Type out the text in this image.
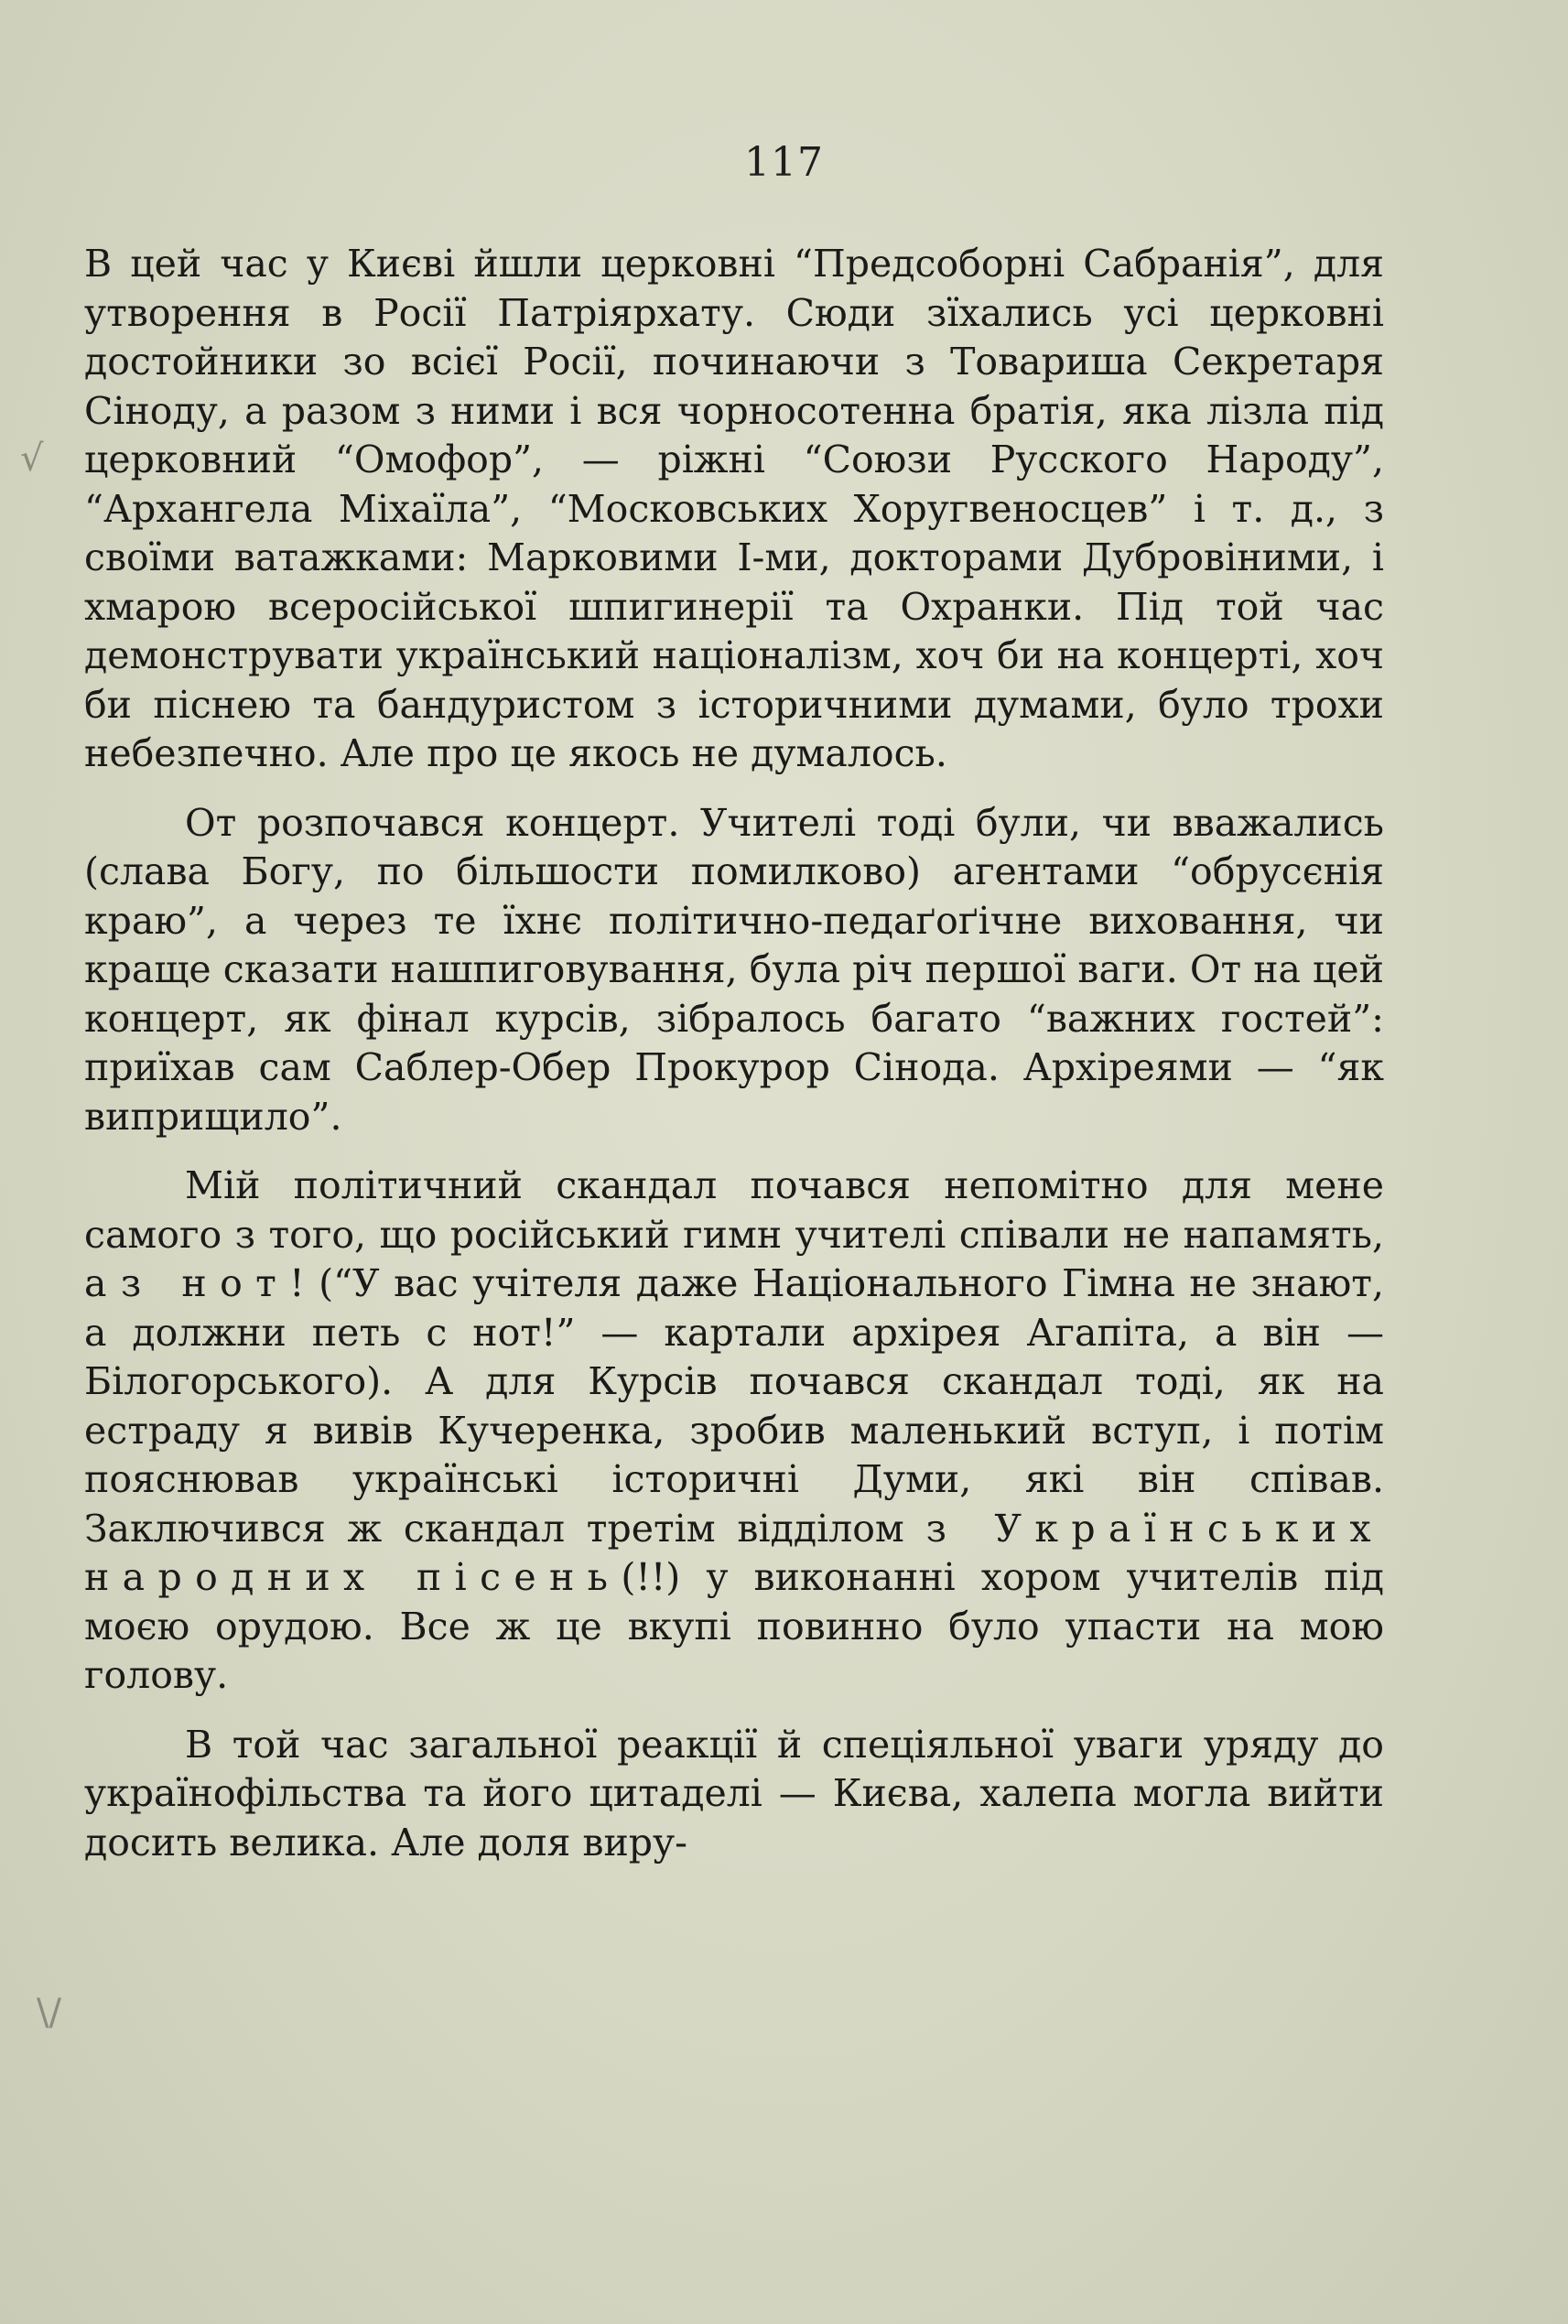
117
√
\/

В цей час у Києві йшли церковні “Предсоборні Сабранія”, для утворення в Росії Патріярхату. Сюди зїхались усі церковні достойники зо всієї Росії, починаючи з Товариша Секретаря Сіноду, а разом з ними і вся чорносотенна братія, яка лізла під церковний “Омофор”, — ріжні “Союзи Русского Народу”, “Архангела Міхаїла”, “Московських Хоругвеносцев” і т. д., з своїми ватажками: Марковими І-ми, докторами Дубровіними, і хмарою всеросійської шпигинерії та Охранки. Під той час демонструвати український націоналізм, хоч би на концерті, хоч би піснею та бандуристом з історичними думами, було трохи небезпечно. Але про це якось не думалось.

От розпочався концерт. Учителі тоді були, чи вважались (слава Богу, по більшости помилково) агентами “обрусєнія краю”, а через те їхнє політично-педаґоґічне виховання, чи краще сказати нашпиговування, була річ першої ваги. От на цей концерт, як фінал курсів, зібралось багато “важних гостей”: приїхав сам Саблер-Обер Прокурор Сінода. Архіреями — “як виприщило”.

Мій політичний скандал почався непомітно для мене самого з того, що російський гимн учителі співали не напамять, а з нот! (“У вас учітеля даже Національного Гімна не знают, а должни петь с нот!” — картали архірея Агапіта, а він — Білогорського). А для Курсів почався скандал тоді, як на естраду я вивів Кучеренка, зробив маленький вступ, і потім пояснював українські історичні Думи, які він співав. Заключився ж скандал третім відділом з Українських народних пісень(!!) у виконанні хором учителів під моєю орудою. Все ж це вкупі повинно було упасти на мою голову.

В той час загальної реакції й спеціяльної уваги уряду до українофільства та його цитаделі — Києва, халепа могла вийти досить велика. Але доля виру-
